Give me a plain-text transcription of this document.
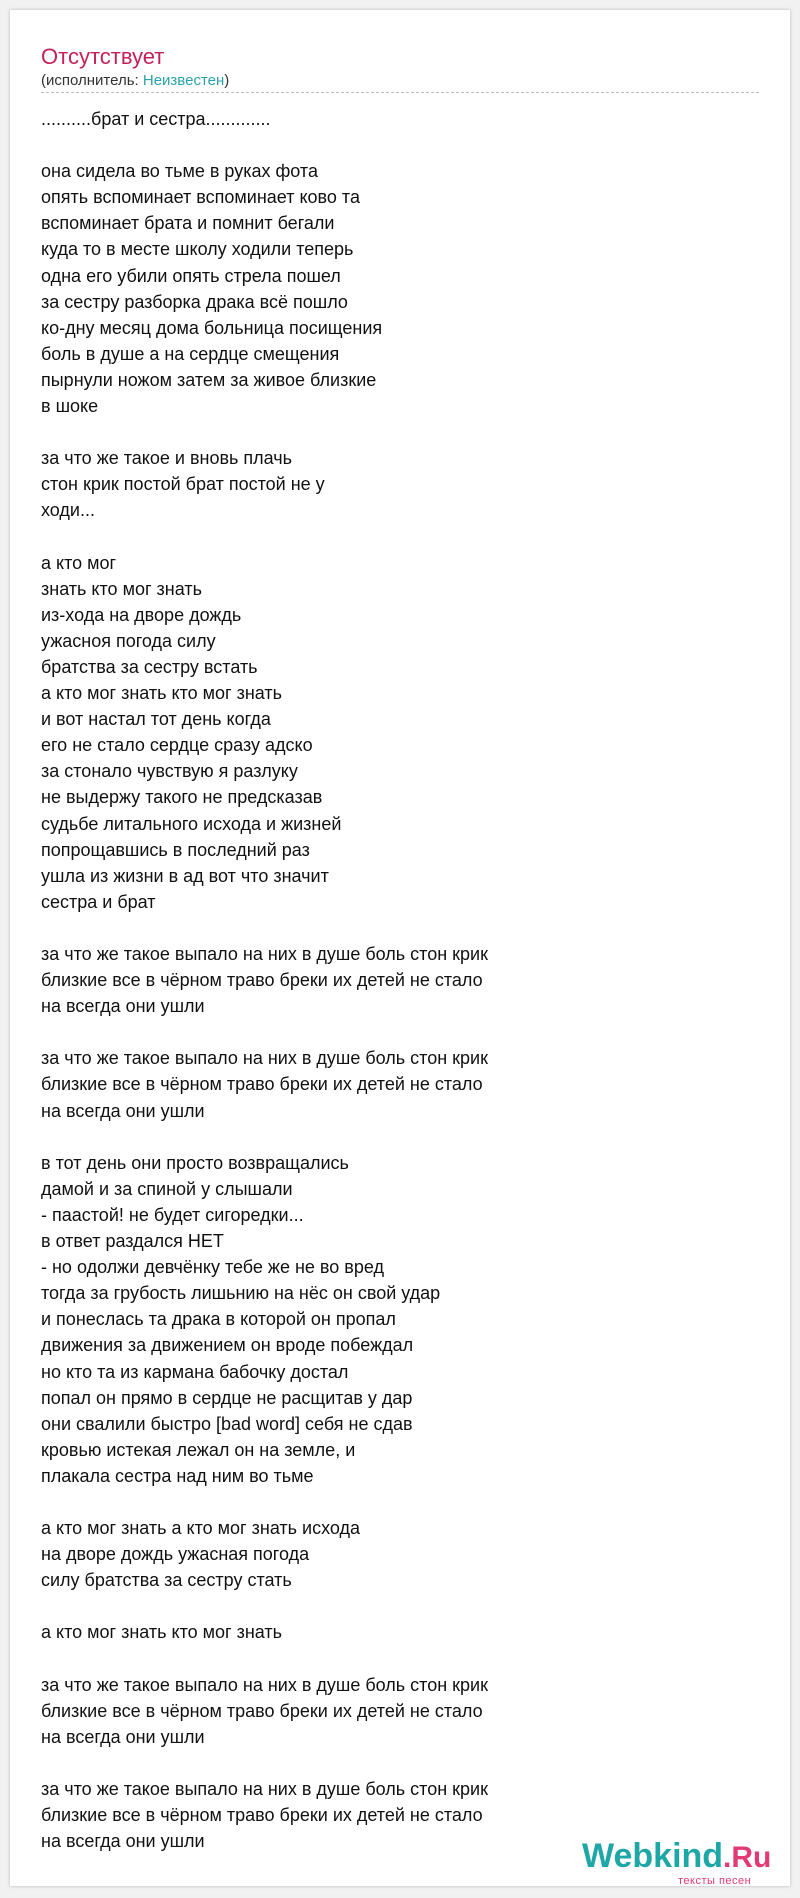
Отсутствует
(исполнитель: Неизвестен)
..........брат и сестра.............
она сидела во тьме в руках фота
опять вспоминает вспоминает ково та
вспоминает брата и помнит бегали
куда то в месте школу ходили теперь
одна его убили опять стрела пошел
за сестру разборка драка всё пошло
ко-дну месяц дома больница посищения
боль в душе а на сердце смещения
пырнули ножом затем за живое близкие
в шоке
за что же такое и вновь плачь
стон крик постой брат постой не у
ходи...
а кто мог
знать кто мог знать
из-хода на дворе дождь
ужасноя погода силу
братства за сестру встать
а кто мог знать кто мог знать
и вот настал тот день когда
его не стало сердце сразу адско
за стонало чувствую я разлуку
не выдержу такого не предсказав
судьбе литального исхода и жизней
попрощавшись в последний раз
ушла из жизни в ад вот что значит
сестра и брат
за что же такое выпало на них в душе боль стон крик
близкие все в чёрном траво бреки их детей не стало
на всегда они ушли
за что же такое выпало на них в душе боль стон крик
близкие все в чёрном траво бреки их детей не стало
на всегда они ушли
в тот день они просто возвращались
дамой и за спиной у слышали
- паастой! не будет сигоредки...
в ответ раздался НЕТ
- но одолжи девчёнку тебе же не во вред
тогда за грубость лишьнию на нёс он свой удар
и понеслась та драка в которой он пропал
движения за движением он вроде побеждал
но кто та из кармана бабочку достал
попал он прямо в сердце не расщитав у дар
они свалили быстро [bad word] себя не сдав
кровью истекая лежал он на земле, и
плакала сестра над ним во тьме
а кто мог знать а кто мог знать исхода
на дворе дождь ужасная погода
силу братства за сестру стать
а кто мог знать кто мог знать
за что же такое выпало на них в душе боль стон крик
близкие все в чёрном траво бреки их детей не стало
на всегда они ушли
за что же такое выпало на них в душе боль стон крик
близкие все в чёрном траво бреки их детей не стало
на всегда они ушли	Webkind.Ru
тексты песен
